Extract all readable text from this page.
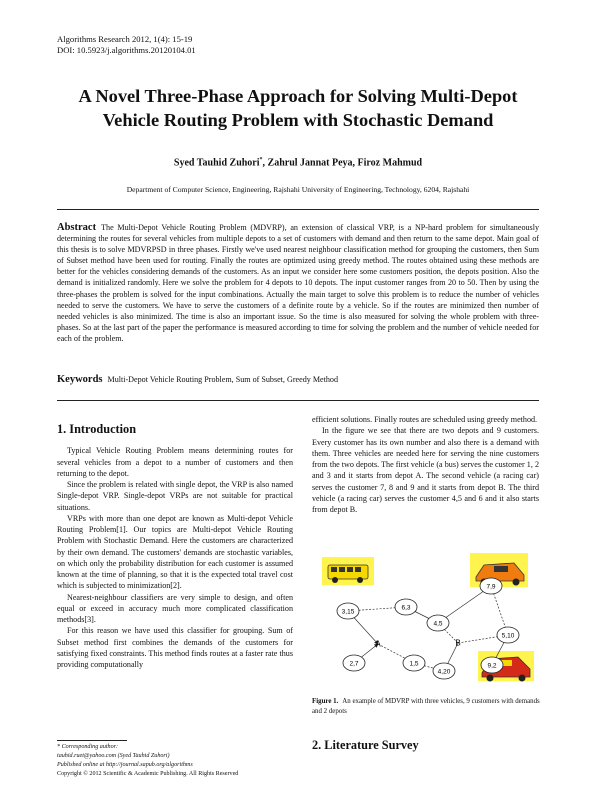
Algorithms Research 2012, 1(4): 15-19
DOI: 10.5923/j.algorithms.20120104.01
A Novel Three-Phase Approach for Solving Multi-Depot
Vehicle Routing Problem with Stochastic Demand
Syed Tauhid Zuhori*, Zahrul Jannat Peya, Firoz Mahmud
Department of Computer Science, Engineering, Rajshahi University of Engineering, Technology, 6204, Rajshahi
Abstract The Multi-Depot Vehicle Routing Problem (MDVRP), an extension of classical VRP, is a NP-hard problem for simultaneously determining the routes for several vehicles from multiple depots to a set of customers with demand and then return to the same depot. Main goal of this thesis is to solve MDVRPSD in three phases. Firstly we've used nearest neighbour classification method for grouping the customers, then Sum of Subset method have been used for routing. Finally the routes are optimized using greedy method. The routes obtained using these methods are better for the vehicles considering demands of the customers. As an input we consider here some customers position, the depots position. Also the demand is initialized randomly. Here we solve the problem for 4 depots to 10 depots. The input customer ranges from 20 to 50. Then by using the three-phases the problem is solved for the input combinations. Actually the main target to solve this problem is to reduce the number of vehicles needed to serve the customers. We have to serve the customers of a definite route by a vehicle. So if the routes are minimized then number of needed vehicles is also minimized. The time is also an important issue. So the time is also measured for solving the whole problem with three-phases. So at the last part of the paper the performance is measured according to time for solving the problem and the number of vehicle needed for each of the problem.
Keywords Multi-Depot Vehicle Routing Problem, Sum of Subset, Greedy Method
1. Introduction

Typical Vehicle Routing Problem means determining routes for several vehicles from a depot to a number of customers and then returning to the depot.

Since the problem is related with single depot, the VRP is also named Single-depot VRP. Single-depot VRPs are not suitable for practical situations.

VRPs with more than one depot are known as Multi-depot Vehicle Routing Problem[1]. Our topics are Multi-depot Vehicle Routing Problem with Stochastic Demand. Here the customers are characterized by their own demand. The customers' demands are stochastic variables, on which only the probability distribution for each customer is assumed known at the time of planning, so that it is the expected total travel cost which is subjected to minimization[2].

Nearest-neighbour classifiers are very simple to design, and often equal or exceed in accuracy much more complicated classification methods[3].

For this reason we have used this classifier for grouping. Sum of Subset method first combines the demands of the customers for satisfying fixed constraints. This method finds routes at a faster rate thus providing computationally

efficient solutions. Finally routes are scheduled using greedy method.

In the figure we see that there are two depots and 9 customers. Every customer has its own number and also there is a demand with them. Three vehicles are needed here for serving the nine customers from the two depots. The first vehicle (a bus) serves the customer 1, 2 and 3 and it starts from depot A. The second vehicle (a racing car) serves the customer 7, 8 and 9 and it starts from depot B. The third vehicle (a racing car) serves the customer 4,5 and 6 and it also starts from depot B.

7,9
3,15
6,3
A
4,5
B
5,10
2,7	1,5
4,20
9,2
Figure 1. An example of MDVRP with three vehicles, 9 customers with demands and 2 depots
2. Literature Survey
* Corresponding author:
tauhid.ruet@yahoo.com (Syed Tauhid Zuhori)
Published online at http://journal.sapub.org/algorithms
Copyright © 2012 Scientific & Academic Publishing. All Rights Reserved
